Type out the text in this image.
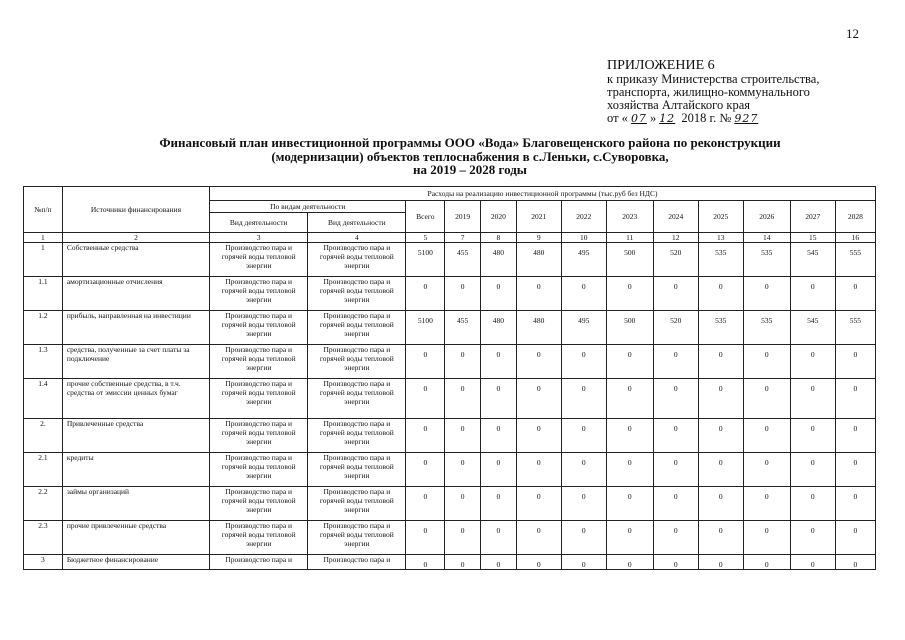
12
ПРИЛОЖЕНИЕ 6
к приказу Министерства строительства,
транспорта, жилищно-коммунального
хозяйства Алтайского края
от « 07 » 12 2018 г. № 927
Финансовый план инвестиционной программы ООО «Вода» Благовещенского района по реконструкции
(модернизации) объектов теплоснабжения в с.Леньки, с.Суворовка,
на 2019 – 2028 годы
№п/п	Источники финансирования	Расходы на реализацию инвестиционной программы (тыс.руб без НДС)												
		По видам деятельности		Всего	2019	2020	2021	2022	2023	2024	2025	2026	2027	2028
		Вид деятельности	Вид деятельности											
1	2	3	4	5	7	8	9	10	11	12	13	14	15	16
1	Собственные средства	Производство пара и горячей воды тепловой энергии	Производство пара и горячей воды тепловой энергии	5100	455	480	480	495	500	520	535	535	545	555
1.1	амортизационные отчисления	Производство пара и горячей воды тепловой энергии	Производство пара и горячей воды тепловой энергии	0	0	0	0	0	0	0	0	0	0	0
1.2	прибыль, направленная на инвестиции	Производство пара и горячей воды тепловой энергии	Производство пара и горячей воды тепловой энергии	5100	455	480	480	495	500	520	535	535	545	555
1.3	средства, полученные за счет платы за подключение	Производство пара и горячей воды тепловой энергии	Производство пара и горячей воды тепловой энергии	0	0	0	0	0	0	0	0	0	0	0
1.4	прочие собственные средства, в т.ч. средства от эмиссии ценных бумаг	Производство пара и горячей воды тепловой энергии	Производство пара и горячей воды тепловой энергии	0	0	0	0	0	0	0	0	0	0	0
2.	Привлеченные средства	Производство пара и горячей воды тепловой энергии	Производство пара и горячей воды тепловой энергии	0	0	0	0	0	0	0	0	0	0	0
2.1	кредиты	Производство пара и горячей воды тепловой энергии	Производство пара и горячей воды тепловой энергии	0	0	0	0	0	0	0	0	0	0	0
2.2	займы организаций	Производство пара и горячей воды тепловой энергии	Производство пара и горячей воды тепловой энергии	0	0	0	0	0	0	0	0	0	0	0
2.3	прочие привлеченные средства	Производство пара и горячей воды тепловой энергии	Производство пара и горячей воды тепловой энергии	0	0	0	0	0	0	0	0	0	0	0
3	Бюджетное финансирование	Производство пара и	Производство пара и	0	0	0	0	0	0	0	0	0	0	0
